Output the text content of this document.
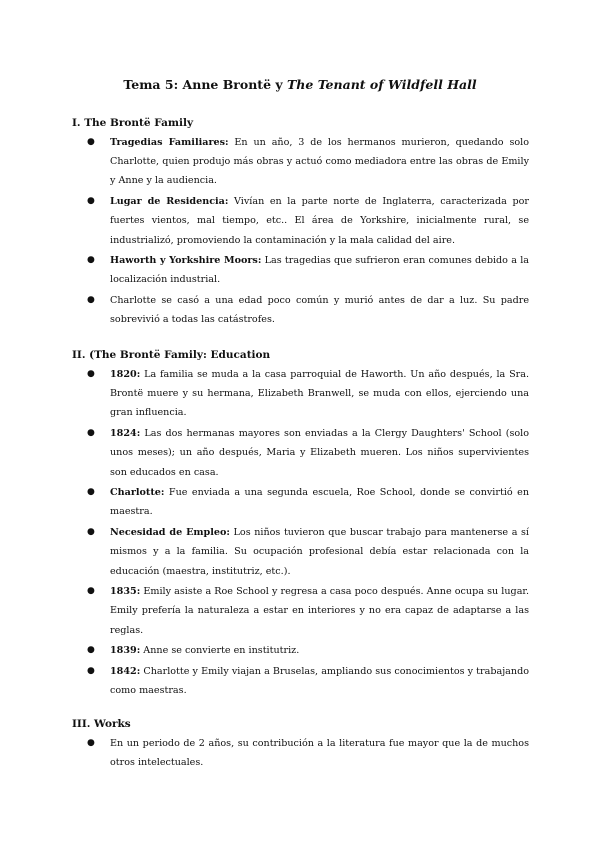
Tema 5: Anne Brontë y The Tenant of Wildfell Hall
I. The Brontë Family
● Tragedias Familiares: En un año, 3 de los hermanos murieron, quedando solo Charlotte, quien produjo más obras y actuó como mediadora entre las obras de Emily y Anne y la audiencia.
● Lugar de Residencia: Vivían en la parte norte de Inglaterra, caracterizada por fuertes vientos, mal tiempo, etc.. El área de Yorkshire, inicialmente rural, se industrializó, promoviendo la contaminación y la mala calidad del aire.
● Haworth y Yorkshire Moors: Las tragedias que sufrieron eran comunes debido a la localización industrial.
● Charlotte se casó a una edad poco común y murió antes de dar a luz. Su padre sobrevivió a todas las catástrofes.
II. (The Brontë Family: Education
● 1820: La familia se muda a la casa parroquial de Haworth. Un año después, la Sra. Brontë muere y su hermana, Elizabeth Branwell, se muda con ellos, ejerciendo una gran influencia.
● 1824: Las dos hermanas mayores son enviadas a la Clergy Daughters' School (solo unos meses); un año después, Maria y Elizabeth mueren. Los niños supervivientes son educados en casa.
● Charlotte: Fue enviada a una segunda escuela, Roe School, donde se convirtió en maestra.
● Necesidad de Empleo: Los niños tuvieron que buscar trabajo para mantenerse a sí mismos y a la familia. Su ocupación profesional debía estar relacionada con la educación (maestra, institutriz, etc.).
● 1835: Emily asiste a Roe School y regresa a casa poco después. Anne ocupa su lugar. Emily prefería la naturaleza a estar en interiores y no era capaz de adaptarse a las reglas.
● 1839: Anne se convierte en institutriz.
● 1842: Charlotte y Emily viajan a Bruselas, ampliando sus conocimientos y trabajando como maestras.
III. Works
● En un periodo de 2 años, su contribución a la literatura fue mayor que la de muchos otros intelectuales.
